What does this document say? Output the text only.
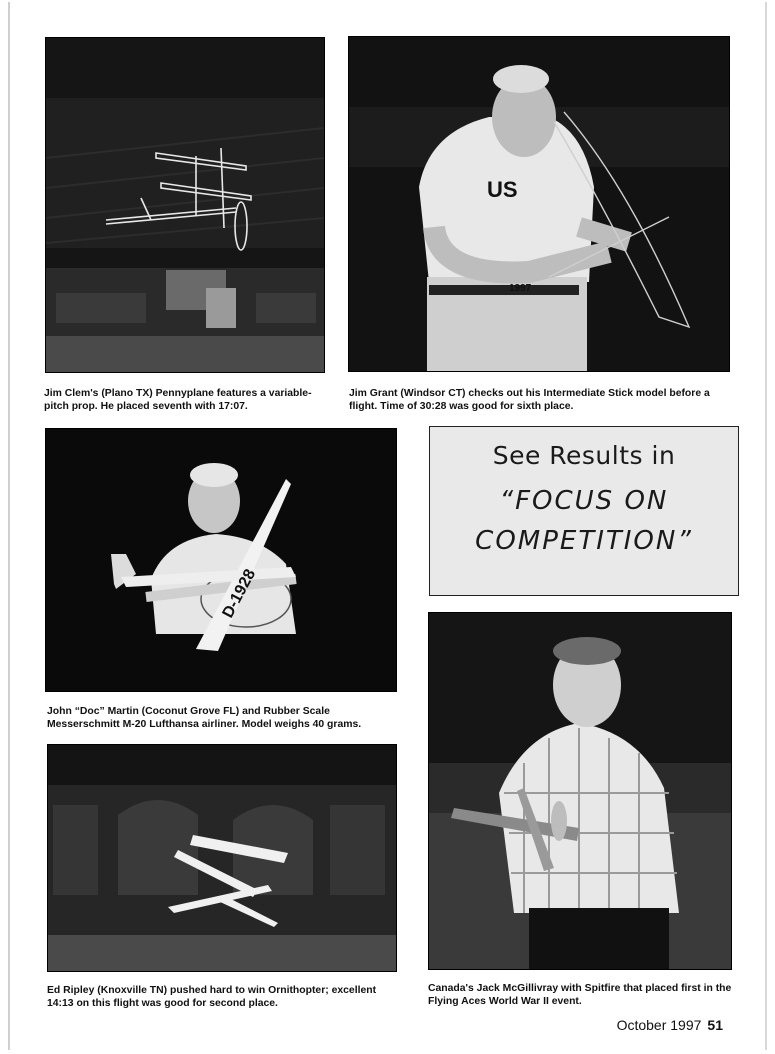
US
1997
Jim Clem's (Plano TX) Pennyplane features a variable-pitch prop. He placed seventh with 17:07.
Jim Grant (Windsor CT) checks out his Intermediate Stick model before a flight. Time of 30:28 was good for sixth place.
D-1928
See Results in
“FOCUS ON
COMPETITION”
John “Doc” Martin (Coconut Grove FL) and Rubber Scale Messerschmitt M-20 Lufthansa airliner. Model weighs 40 grams.
Ed Ripley (Knoxville TN) pushed hard to win Ornithopter; excellent 14:13 on this flight was good for second place.
Canada's Jack McGillivray with Spitfire that placed first in the Flying Aces World War II event.
October 1997 51
